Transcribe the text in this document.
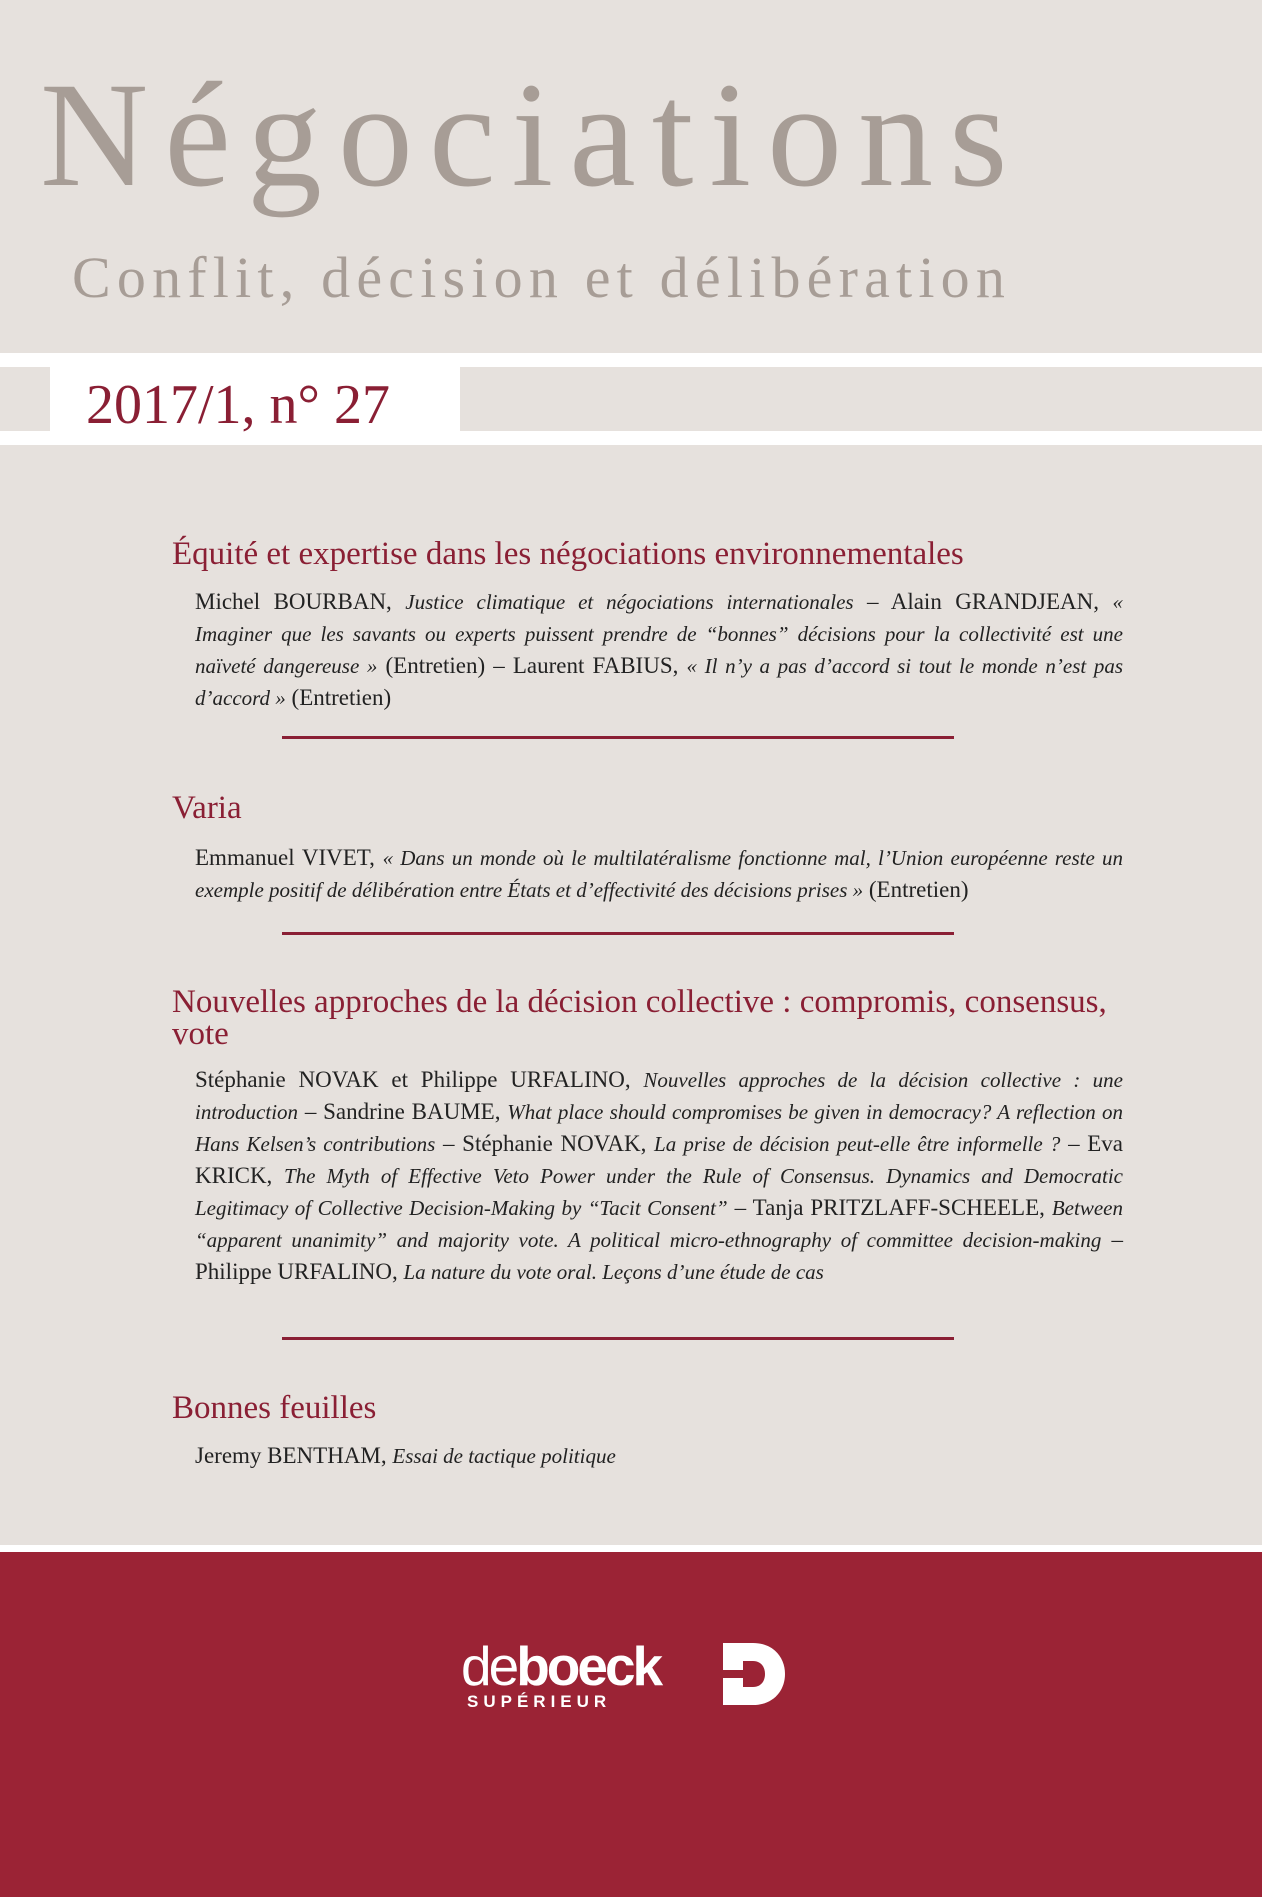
Négociations
Conflit, décision et délibération
2017/1, n° 27
Équité et expertise dans les négociations environnementales

Michel BOURBAN, Justice climatique et négociations internationales – Alain GRANDJEAN, « Imaginer que les savants ou experts puissent prendre de “bonnes” décisions pour la collectivité est une naïveté dangereuse » (Entretien) – Laurent FABIUS, « Il n’y a pas d’accord si tout le monde n’est pas d’accord » (Entretien)

Varia

Emmanuel VIVET, « Dans un monde où le multilatéralisme fonctionne mal, l’Union européenne reste un exemple positif de délibération entre États et d’effectivité des décisions prises » (Entretien)

Nouvelles approches de la décision collective : compromis, consensus, vote

Stéphanie NOVAK et Philippe URFALINO, Nouvelles approches de la décision collective : une introduction – Sandrine BAUME, What place should compromises be given in democracy? A reflection on Hans Kelsen’s contributions – Stéphanie NOVAK, La prise de décision peut-elle être informelle ? – Eva KRICK, The Myth of Effective Veto Power under the Rule of Consensus. Dynamics and Democratic Legitimacy of Collective Decision-Making by “Tacit Consent” – Tanja PRITZLAFF-SCHEELE, Between “apparent unanimity” and majority vote. A political micro-ethnography of committee decision-making – Philippe URFALINO, La nature du vote oral. Leçons d’une étude de cas

Bonnes feuilles

Jeremy BENTHAM, Essai de tactique politique

deboeck
SUPÉRIEUR
